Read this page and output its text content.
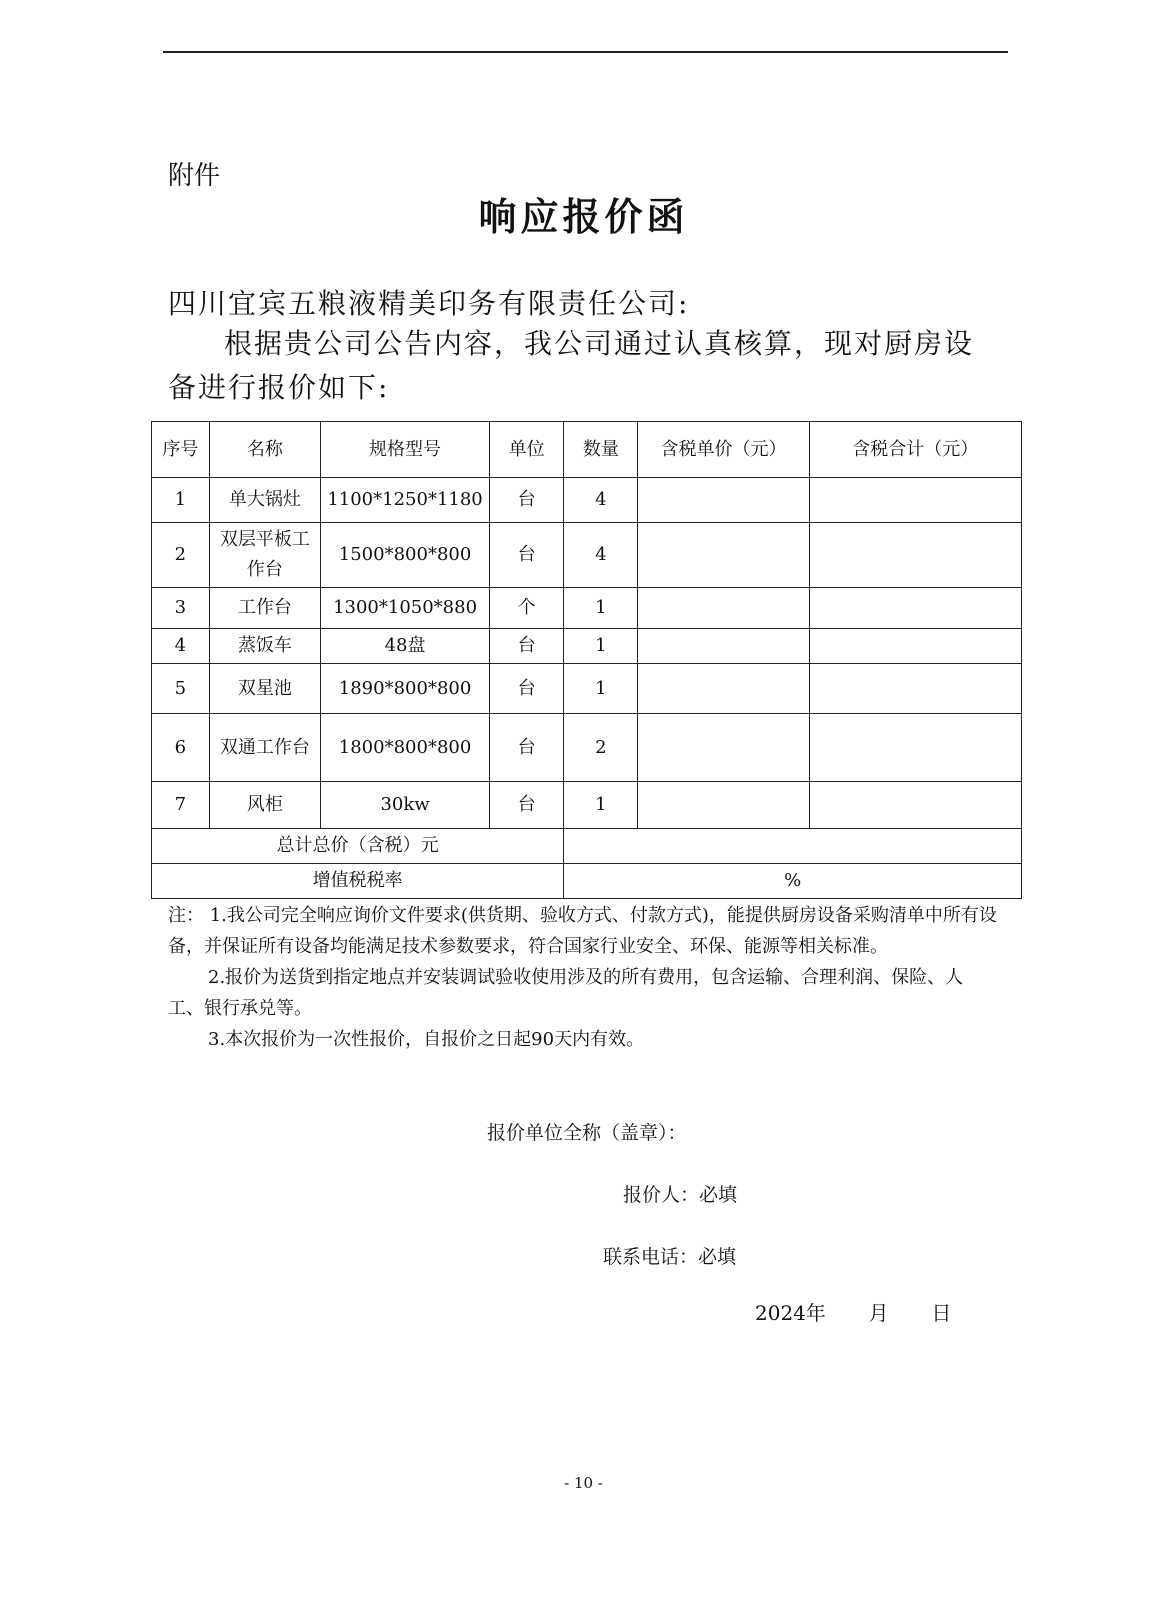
附件
响应报价函
四川宜宾五粮液精美印务有限责任公司:
根据贵公司公告内容，我公司通过认真核算，现对厨房设备进行报价如下:
序号	名称	规格型号	单位	数量	含税单价（元）	含税合计（元）
1	单大锅灶	1100*1250*1180	台	4		
2	双层平板工作台	1500*800*800	台	4		
3	工作台	1300*1050*880	个	1		
4	蒸饭车	48盘	台	1		
5	双星池	1890*800*800	台	1		
6	双通工作台	1800*800*800	台	2		
7	风柜	30kw	台	1		
总计总价（含税）元						
增值税税率				%		

注： 1.我公司完全响应询价文件要求(供货期、验收方式、付款方式)，能提供厨房设备采购清单中所有设备，并保证所有设备均能满足技术参数要求，符合国家行业安全、环保、能源等相关标准。

2.报价为送货到指定地点并安装调试验收使用涉及的所有费用，包含运输、合理利润、保险、人工、银行承兑等。

3.本次报价为一次性报价，自报价之日起90天内有效。

报价单位全称（盖章）：
报价人：必填
联系电话：必填
2024年 月 日
- 10 -
